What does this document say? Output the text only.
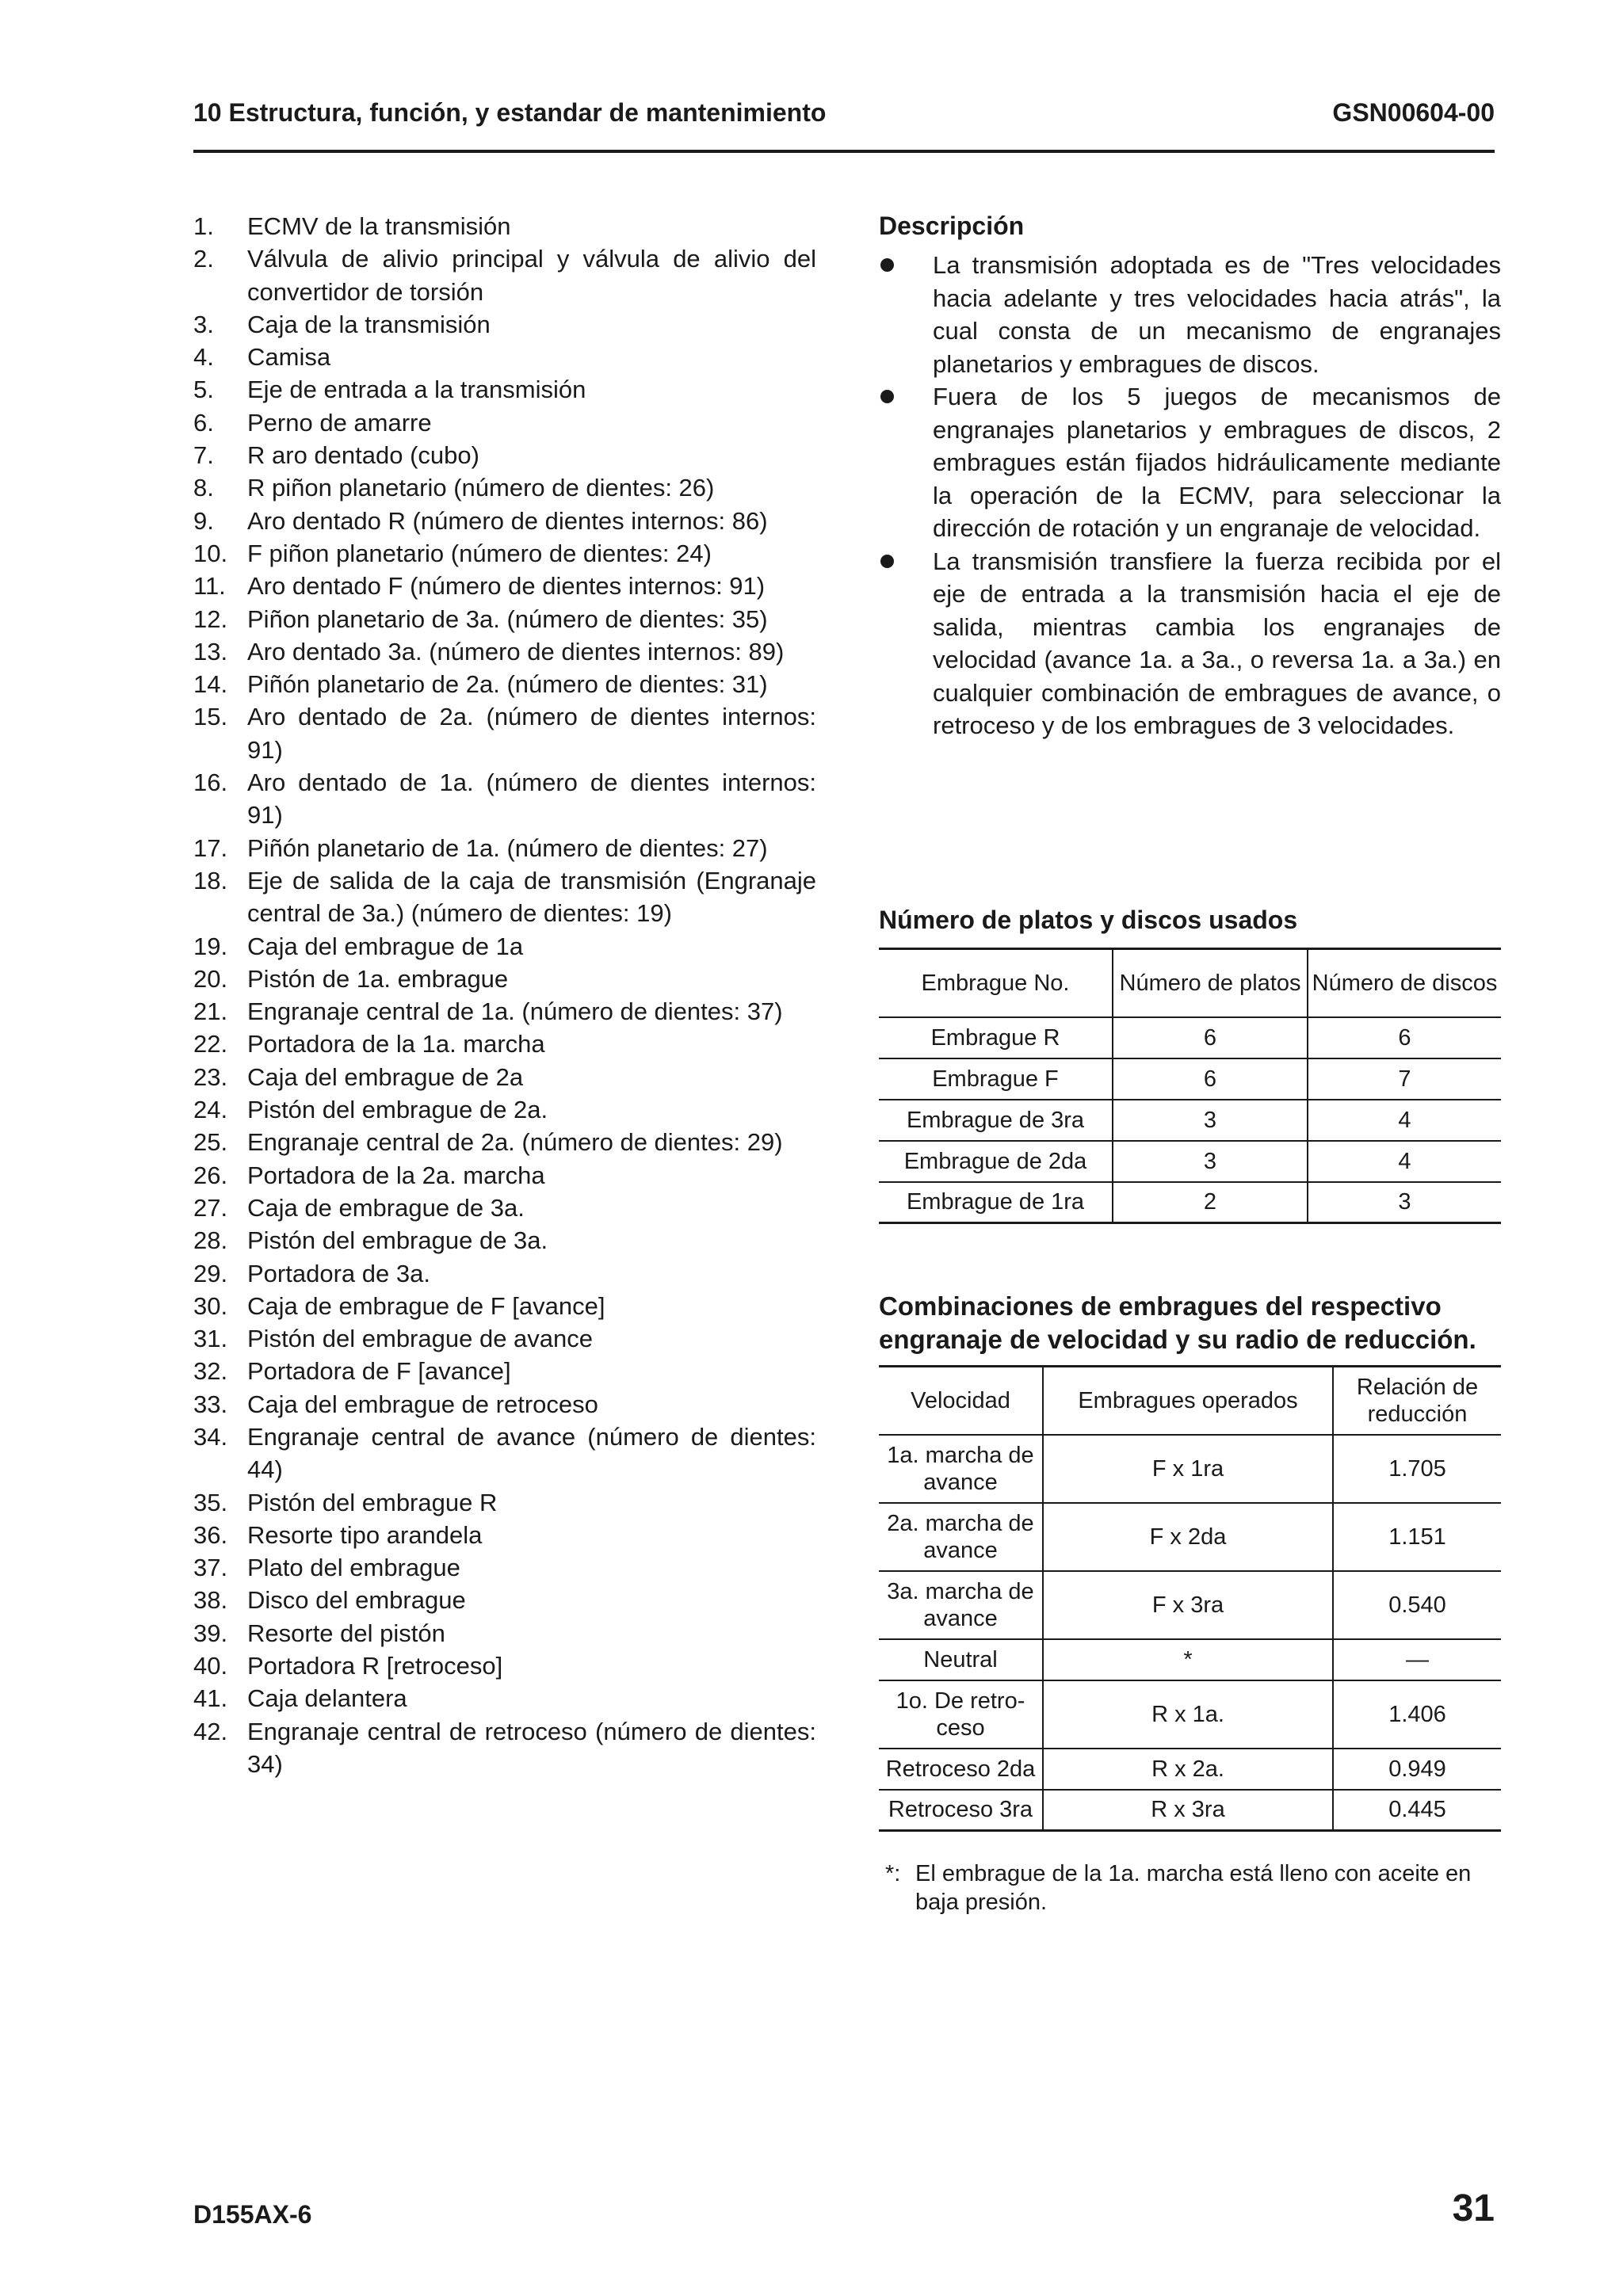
10 Estructura, función, y estandar de mantenimiento	GSN00604-00
1.	ECMV de la transmisión
2.	Válvula de alivio principal y válvula de alivio del convertidor de torsión
3.	Caja de la transmisión
4.	Camisa
5.	Eje de entrada a la transmisión
6.	Perno de amarre
7.	R aro dentado (cubo)
8.	R piñon planetario (número de dientes: 26)
9.	Aro dentado R (número de dientes internos: 86)
10. F piñon planetario (número de dientes: 24)
11. Aro dentado F (número de dientes internos: 91)
12. Piñon planetario de 3a. (número de dientes: 35)
13. Aro dentado 3a. (número de dientes internos: 89)
14. Piñón planetario de 2a. (número de dientes: 31)
15. Aro dentado de 2a. (número de dientes internos: 91)
16. Aro dentado de 1a. (número de dientes internos: 91)
17. Piñón planetario de 1a. (número de dientes: 27)
18. Eje de salida de la caja de transmisión (Engranaje central de 3a.) (número de dientes: 19)
19. Caja del embrague de 1a
20. Pistón de 1a. embrague
21. Engranaje central de 1a. (número de dientes: 37)
22. Portadora de la 1a. marcha
23. Caja del embrague de 2a
24. Pistón del embrague de 2a.
25. Engranaje central de 2a. (número de dientes: 29)
26. Portadora de la 2a. marcha
27. Caja de embrague de 3a.
28. Pistón del embrague de 3a.
29. Portadora de 3a.
30. Caja de embrague de F [avance]
31. Pistón del embrague de avance
32. Portadora de F [avance]
33. Caja del embrague de retroceso
34. Engranaje central de avance (número de dientes: 44)
35. Pistón del embrague R
36. Resorte tipo arandela
37. Plato del embrague
38. Disco del embrague
39. Resorte del pistón
40. Portadora R [retroceso]
41. Caja delantera
42. Engranaje central de retroceso (número de dientes: 34)
Descripción
La transmisión adoptada es de "Tres velocidades hacia adelante y tres velocidades hacia atrás", la cual consta de un mecanismo de engranajes planetarios y embragues de discos.
Fuera de los 5 juegos de mecanismos de engranajes planetarios y embragues de discos, 2 embragues están fijados hidráulicamente mediante la operación de la ECMV, para seleccionar la dirección de rotación y un engranaje de velocidad.
La transmisión transfiere la fuerza recibida por el eje de entrada a la transmisión hacia el eje de salida, mientras cambia los engranajes de velocidad (avance 1a. a 3a., o reversa 1a. a 3a.) en cualquier combinación de embragues de avance, o retroceso y de los embragues de 3 velocidades.
Número de platos y discos usados
Embrague No.	Número de platos	Número de discos
Embrague R	6	6
Embrague F	6	7
Embrague de 3ra	3	4
Embrague de 2da	3	4
Embrague de 1ra	2	3
Combinaciones de embragues del respectivo engranaje de velocidad y su radio de reducción.
Velocidad	Embragues operados	Relación de reducción
1a. marcha de avance	F x 1ra	1.705
2a. marcha de avance	F x 2da	1.151
3a. marcha de avance	F x 3ra	0.540
Neutral	*	—
1o. De retro-ceso	R x 1a.	1.406
Retroceso 2da	R x 2a.	0.949
Retroceso 3ra	R x 3ra	0.445
*: El embrague de la 1a. marcha está lleno con aceite en baja presión.
D155AX-6	31
